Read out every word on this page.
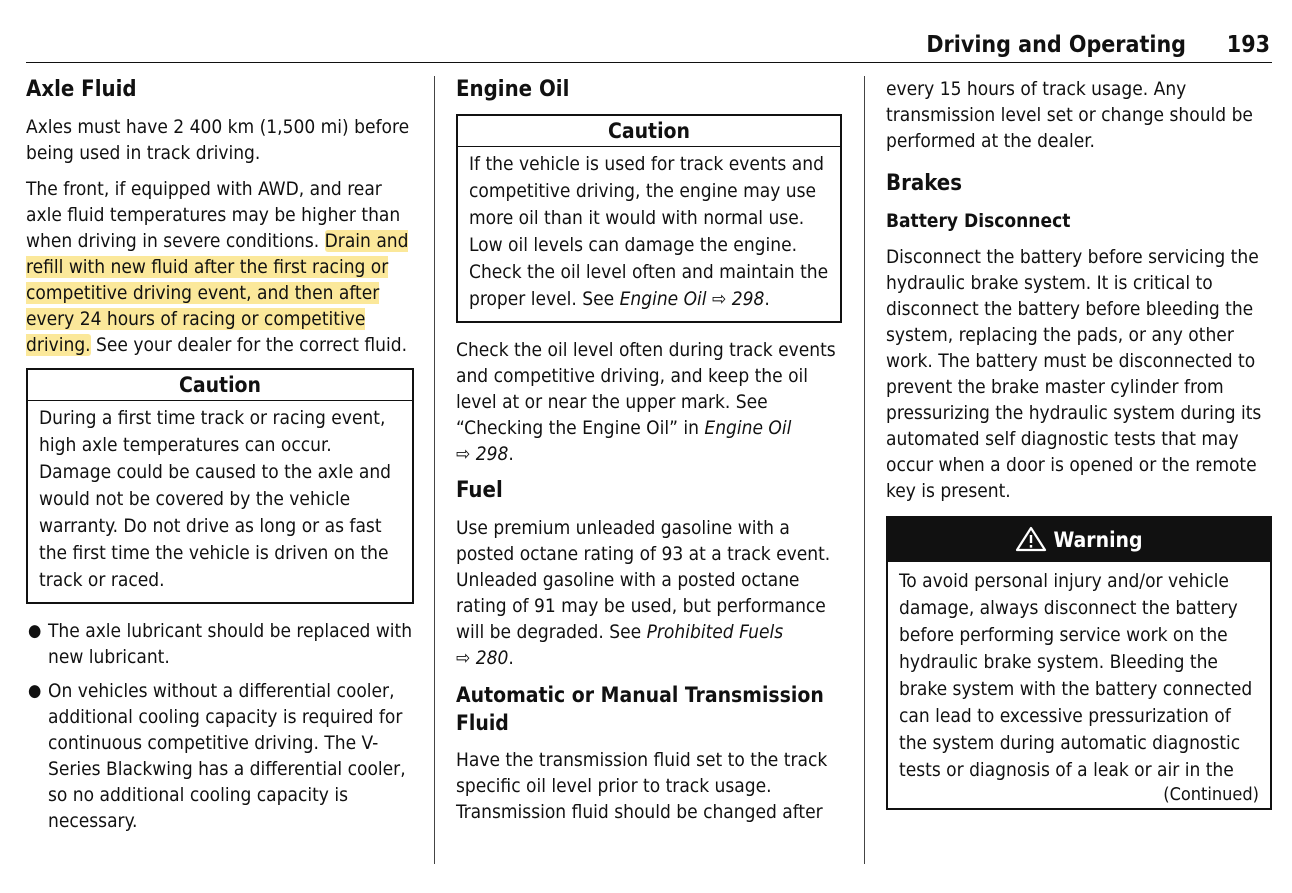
Driving and Operating 193
Axle Fluid

Axles must have 2 400 km (1,500 mi) before being used in track driving.

The front, if equipped with AWD, and rear axle fluid temperatures may be higher than when driving in severe conditions. Drain and refill with new fluid after the first racing or competitive driving event, and then after every 24 hours of racing or competitive driving. See your dealer for the correct fluid.

Caution
During a first time track or racing event, high axle temperatures can occur. Damage could be caused to the axle and would not be covered by the vehicle warranty. Do not drive as long or as fast the first time the vehicle is driven on the track or raced.
● The axle lubricant should be replaced with new lubricant.
● On vehicles without a differential cooler, additional cooling capacity is required for continuous competitive driving. The V-Series Blackwing has a differential cooler, so no additional cooling capacity is necessary.
Engine Oil
Caution
If the vehicle is used for track events and competitive driving, the engine may use more oil than it would with normal use. Low oil levels can damage the engine. Check the oil level often and maintain the proper level. See Engine Oil ⇨ 298.

Check the oil level often during track events and competitive driving, and keep the oil level at or near the upper mark. See “Checking the Engine Oil” in Engine Oil
⇨ 298.

Fuel

Use premium unleaded gasoline with a posted octane rating of 93 at a track event. Unleaded gasoline with a posted octane rating of 91 may be used, but performance will be degraded. See Prohibited Fuels
⇨ 280.

Automatic or Manual Transmission Fluid

Have the transmission fluid set to the track specific oil level prior to track usage. Transmission fluid should be changed after

every 15 hours of track usage. Any transmission level set or change should be performed at the dealer.

Brakes
Battery Disconnect

Disconnect the battery before servicing the hydraulic brake system. It is critical to disconnect the battery before bleeding the system, replacing the pads, or any other work. The battery must be disconnected to prevent the brake master cylinder from pressurizing the hydraulic system during its automated self diagnostic tests that may occur when a door is opened or the remote key is present.

Warning
To avoid personal injury and/or vehicle damage, always disconnect the battery before performing service work on the hydraulic brake system. Bleeding the brake system with the battery connected can lead to excessive pressurization of the system during automatic diagnostic tests or diagnosis of a leak or air in the
(Continued)
